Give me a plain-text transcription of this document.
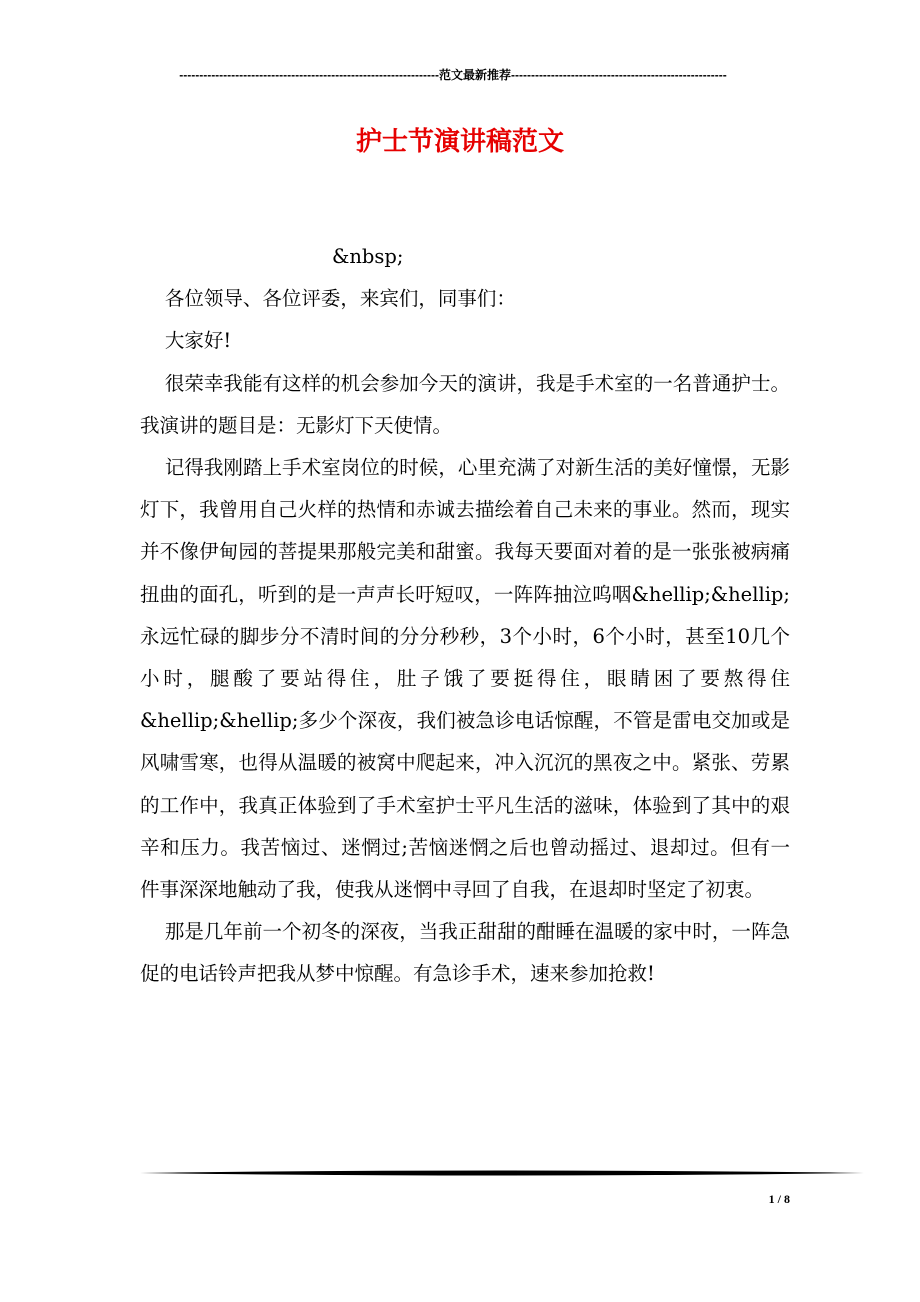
-----------------------------------------------------------------范文最新推荐------------------------------------------------------
护士节演讲稿范文

&nbsp;

各位领导、各位评委，来宾们，同事们：

大家好!

很荣幸我能有这样的机会参加今天的演讲，我是手术室的一名普通护士。我演讲的题目是：无影灯下天使情。

记得我刚踏上手术室岗位的时候，心里充满了对新生活的美好憧憬，无影灯下，我曾用自己火样的热情和赤诚去描绘着自己未来的事业。然而，现实并不像伊甸园的菩提果那般完美和甜蜜。我每天要面对着的是一张张被病痛扭曲的面孔，听到的是一声声长吁短叹，一阵阵抽泣呜咽&hellip;&hellip;永远忙碌的脚步分不清时间的分分秒秒，3个小时，6个小时，甚至10几个小时，腿酸了要站得住，肚子饿了要挺得住，眼睛困了要熬得住&hellip;&hellip;多少个深夜，我们被急诊电话惊醒，不管是雷电交加或是风啸雪寒，也得从温暖的被窝中爬起来，冲入沉沉的黑夜之中。紧张、劳累的工作中，我真正体验到了手术室护士平凡生活的滋味，体验到了其中的艰辛和压力。我苦恼过、迷惘过;苦恼迷惘之后也曾动摇过、退却过。但有一件事深深地触动了我，使我从迷惘中寻回了自我，在退却时坚定了初衷。

那是几年前一个初冬的深夜，当我正甜甜的酣睡在温暖的家中时，一阵急促的电话铃声把我从梦中惊醒。有急诊手术，速来参加抢救!

1 / 8
